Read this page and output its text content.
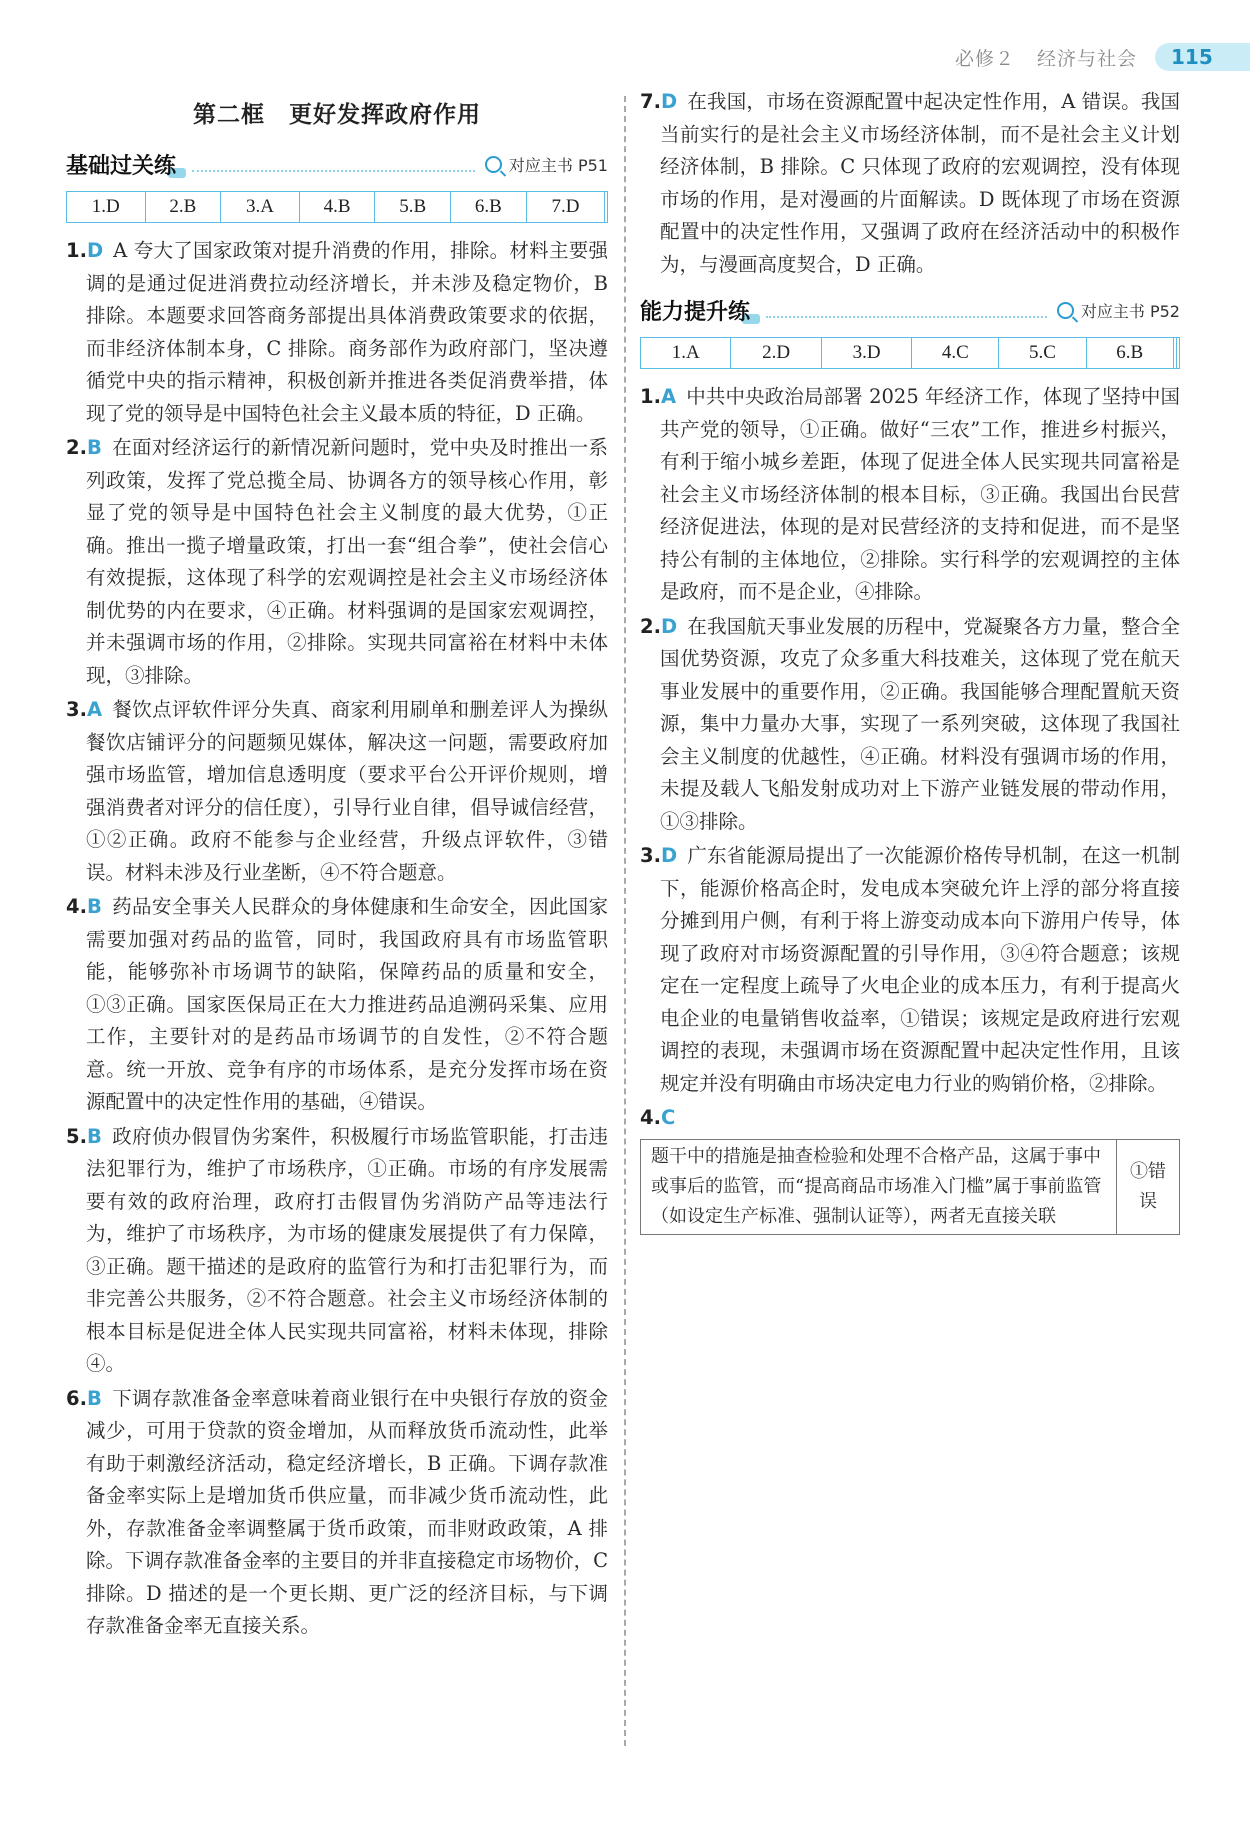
必修２ 经济与社会 115
第二框　更好发挥政府作用
基础过关练	对应主书 P51
1.D	2.B	3.A	4.B	5.B	6.B	7.D	

1.D A 夸大了国家政策对提升消费的作用，排除。材料主要强调的是通过促进消费拉动经济增长，并未涉及稳定物价，B 排除。本题要求回答商务部提出具体消费政策要求的依据，而非经济体制本身，C 排除。商务部作为政府部门，坚决遵循党中央的指示精神，积极创新并推进各类促消费举措，体现了党的领导是中国特色社会主义最本质的特征，D 正确。

2.B 在面对经济运行的新情况新问题时，党中央及时推出一系列政策，发挥了党总揽全局、协调各方的领导核心作用，彰显了党的领导是中国特色社会主义制度的最大优势，①正确。推出一揽子增量政策，打出一套“组合拳”，使社会信心有效提振，这体现了科学的宏观调控是社会主义市场经济体制优势的内在要求，④正确。材料强调的是国家宏观调控，并未强调市场的作用，②排除。实现共同富裕在材料中未体现，③排除。

3.A 餐饮点评软件评分失真、商家利用刷单和删差评人为操纵餐饮店铺评分的问题频见媒体，解决这一问题，需要政府加强市场监管，增加信息透明度（要求平台公开评价规则，增强消费者对评分的信任度），引导行业自律，倡导诚信经营，①②正确。政府不能参与企业经营，升级点评软件，③错误。材料未涉及行业垄断，④不符合题意。

4.B 药品安全事关人民群众的身体健康和生命安全，因此国家需要加强对药品的监管，同时，我国政府具有市场监管职能，能够弥补市场调节的缺陷，保障药品的质量和安全，①③正确。国家医保局正在大力推进药品追溯码采集、应用工作，主要针对的是药品市场调节的自发性，②不符合题意。统一开放、竞争有序的市场体系，是充分发挥市场在资源配置中的决定性作用的基础，④错误。

5.B 政府侦办假冒伪劣案件，积极履行市场监管职能，打击违法犯罪行为，维护了市场秩序，①正确。市场的有序发展需要有效的政府治理，政府打击假冒伪劣消防产品等违法行为，维护了市场秩序，为市场的健康发展提供了有力保障，③正确。题干描述的是政府的监管行为和打击犯罪行为，而非完善公共服务，②不符合题意。社会主义市场经济体制的根本目标是促进全体人民实现共同富裕，材料未体现，排除④。

6.B 下调存款准备金率意味着商业银行在中央银行存放的资金减少，可用于贷款的资金增加，从而释放货币流动性，此举有助于刺激经济活动，稳定经济增长，B 正确。下调存款准备金率实际上是增加货币供应量，而非减少货币流动性，此外，存款准备金率调整属于货币政策，而非财政政策，A 排除。下调存款准备金率的主要目的并非直接稳定市场物价，C 排除。D 描述的是一个更长期、更广泛的经济目标，与下调存款准备金率无直接关系。

7.D 在我国，市场在资源配置中起决定性作用，A 错误。我国当前实行的是社会主义市场经济体制，而不是社会主义计划经济体制，B 排除。C 只体现了政府的宏观调控，没有体现市场的作用，是对漫画的片面解读。D 既体现了市场在资源配置中的决定性作用，又强调了政府在经济活动中的积极作为，与漫画高度契合，D 正确。

能力提升练	对应主书 P52
1.A	2.D	3.D	4.C	5.C	6.B		

1.A 中共中央政治局部署 2025 年经济工作，体现了坚持中国共产党的领导，①正确。做好“三农”工作，推进乡村振兴，有利于缩小城乡差距，体现了促进全体人民实现共同富裕是社会主义市场经济体制的根本目标，③正确。我国出台民营经济促进法，体现的是对民营经济的支持和促进，而不是坚持公有制的主体地位，②排除。实行科学的宏观调控的主体是政府，而不是企业，④排除。

2.D 在我国航天事业发展的历程中，党凝聚各方力量，整合全国优势资源，攻克了众多重大科技难关，这体现了党在航天事业发展中的重要作用，②正确。我国能够合理配置航天资源，集中力量办大事，实现了一系列突破，这体现了我国社会主义制度的优越性，④正确。材料没有强调市场的作用，未提及载人飞船发射成功对上下游产业链发展的带动作用，①③排除。

3.D 广东省能源局提出了一次能源价格传导机制，在这一机制下，能源价格高企时，发电成本突破允许上浮的部分将直接分摊到用户侧，有利于将上游变动成本向下游用户传导，体现了政府对市场资源配置的引导作用，③④符合题意；该规定在一定程度上疏导了火电企业的成本压力，有利于提高火电企业的电量销售收益率，①错误；该规定是政府进行宏观调控的表现，未强调市场在资源配置中起决定性作用，且该规定并没有明确由市场决定电力行业的购销价格，②排除。

4.C

题干中的措施是抽查检验和处理不合格产品，这属于事中或事后的监管，而“提高商品市场准入门槛”属于事前监管（如设定生产标准、强制认证等），两者无直接关联	①错误
